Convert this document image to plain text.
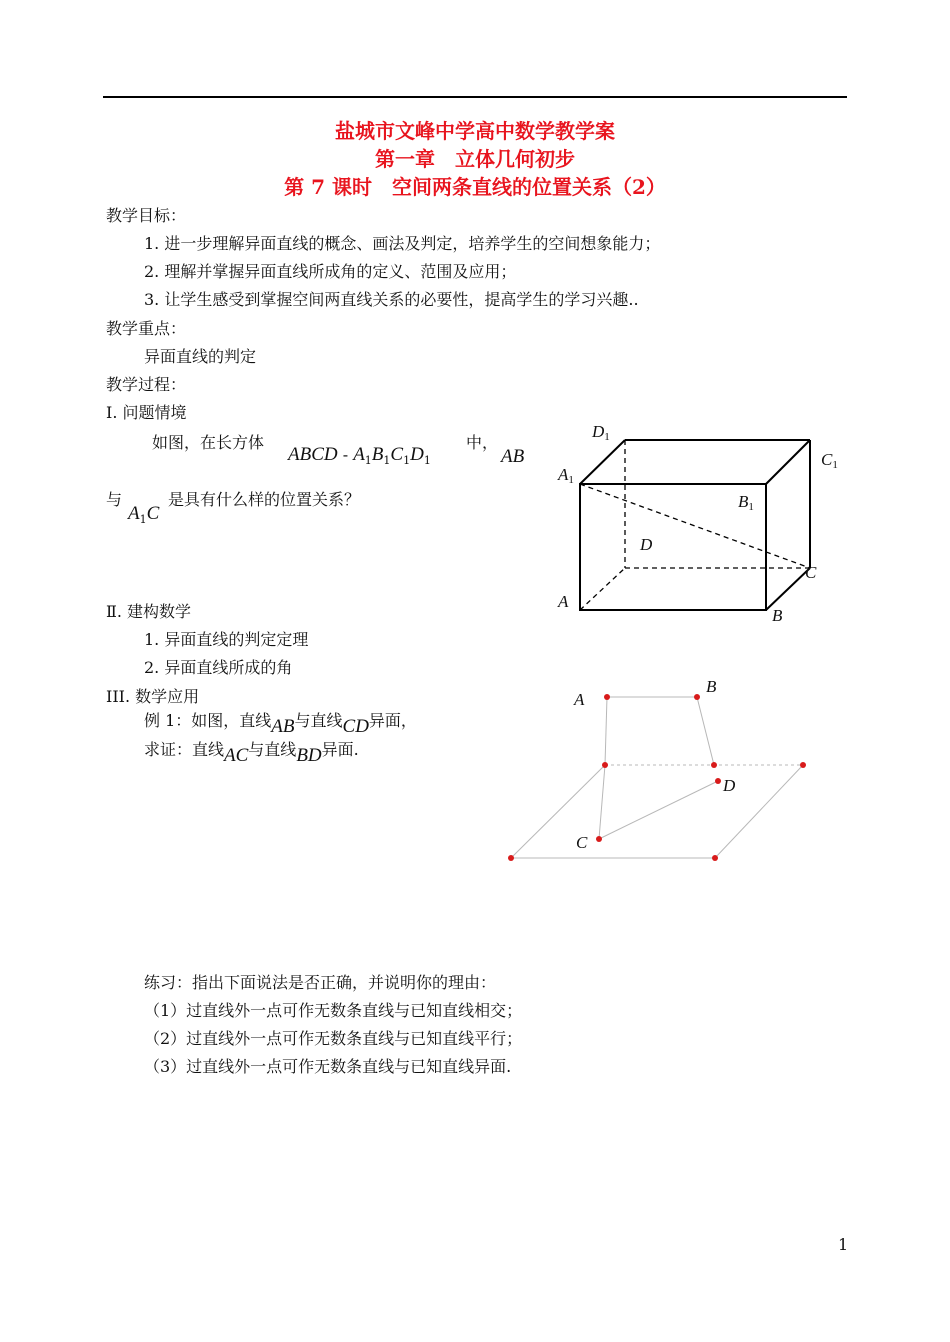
盐城市文峰中学高中数学教学案
第一章　立体几何初步
第 7 课时　空间两条直线的位置关系（2）
教学目标：
1. 进一步理解异面直线的概念、画法及判定，培养学生的空间想象能力；
2. 理解并掌握异面直线所成角的定义、范围及应用；
3. 让学生感受到掌握空间两直线关系的必要性，提高学生的学习兴趣..
教学重点：
异面直线的判定
教学过程：
Ⅰ. 问题情境
如图，在长方体
ABCD - $A_1B_1C_1D_1$
中，
AB
与
$A_1C$
是具有什么样的位置关系？
D1
C1
A1
B1
D
C
A
B
Ⅱ. 建构数学
1. 异面直线的判定定理
2. 异面直线所成的角
III. 数学应用
例 1：如图，直线AB与直线CD异面，
求证：直线AC与直线BD异面.
A
B
D
C
练习：指出下面说法是否正确，并说明你的理由：
（1）过直线外一点可作无数条直线与已知直线相交；
（2）过直线外一点可作无数条直线与已知直线平行；
（3）过直线外一点可作无数条直线与已知直线异面.
1
